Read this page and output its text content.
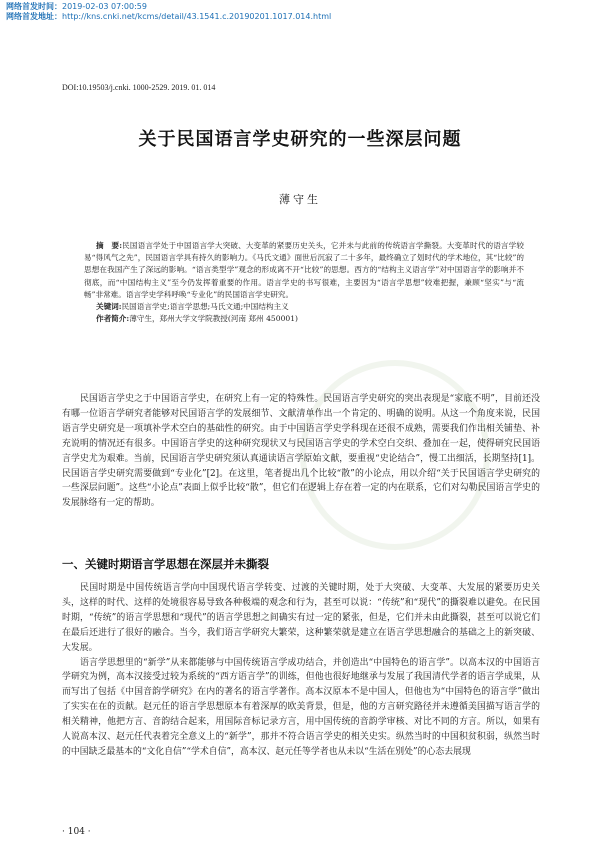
网络首发时间：2019-02-03 07:00:59
网络首发地址：http://kns.cnki.net/kcms/detail/43.1541.c.20190201.1017.014.html
DOI:10.19503/j.cnki. 1000-2529. 2019. 01. 014
关于民国语言学史研究的一些深层问题
薄守生
摘　要:民国语言学处于中国语言学大突破、大变革的紧要历史关头，它并未与此前的传统语言学撕裂。大变革时代的语言学较易“得风气之先”，民国语言学具有持久的影响力。《马氏文通》面世后沉寂了二十多年，最终确立了划时代的学术地位，其“比较”的思想在我国产生了深远的影响。“语言类型学”观念的形成离不开“比较”的思想。西方的“结构主义语言学”对中国语言学的影响并不彻底，而“中国结构主义”至今仍发挥着重要的作用。语言学史的书写很难，主要因为“语言学思想”较难把握，兼顾“坚实”与“流畅”非常难。语言学史学科呼唤“专业化”的民国语言学史研究。
关键词:民国语言学史;语言学思想;马氏文通;中国结构主义
作者简介:薄守生，郑州大学文学院教授(河南 郑州 450001)

民国语言学史之于中国语言学史，在研究上有一定的特殊性。民国语言学史研究的突出表现是“家底不明”，目前还没有哪一位语言学研究者能够对民国语言学的发展细节、文献清单作出一个肯定的、明确的说明。从这一个角度来说，民国语言学史研究是一项填补学术空白的基础性的研究。由于中国语言学史学科现在还很不成熟，需要我们作出相关铺垫、补充说明的情况还有很多。中国语言学史的这种研究现状又与民国语言学史的学术空白交织、叠加在一起，使得研究民国语言学史尤为艰难。当前，民国语言学史研究须认真通读语言学原始文献，要重视“史论结合”，慢工出细活，长期坚持[1]。民国语言学史研究需要做到“专业化”[2]。在这里，笔者提出几个比较“散”的小论点，用以介绍“关于民国语言学史研究的一些深层问题”。这些“小论点”表面上似乎比较“散”，但它们在逻辑上存在着一定的内在联系，它们对勾勒民国语言学史的发展脉络有一定的帮助。

一、关键时期语言学思想在深层并未撕裂

民国时期是中国传统语言学向中国现代语言学转变、过渡的关键时期，处于大突破、大变革、大发展的紧要历史关头，这样的时代、这样的处境很容易导致各种极端的观念和行为，甚至可以说：“传统”和“现代”的撕裂难以避免。在民国时期，“传统”的语言学思想和“现代”的语言学思想之间确实有过一定的紧张，但是，它们并未由此撕裂，甚至可以说它们在最后还进行了很好的融合。当今，我们语言学研究大繁荣，这种繁荣就是建立在语言学思想融合的基础之上的新突破、大发展。

语言学思想里的“新学”从来都能够与中国传统语言学成功结合，并创造出“中国特色的语言学”。以高本汉的中国语言学研究为例，高本汉接受过较为系统的“西方语言学”的训练，但他也很好地继承与发展了我国清代学者的语言学成果，从而写出了包括《中国音韵学研究》在内的著名的语言学著作。高本汉原本不是中国人，但他也为“中国特色的语言学”做出了实实在在的贡献。赵元任的语言学思想原本有着深厚的欧美背景，但是，他的方言研究路径并未遵循美国描写语言学的相关精神，他把方言、音韵结合起来，用国际音标记录方言，用中国传统的音韵学审核、对比不同的方言。所以，如果有人说高本汉、赵元任代表着完全意义上的“新学”，那并不符合语言学史的相关史实。纵然当时的中国积贫积弱，纵然当时的中国缺乏最基本的“文化自信”“学术自信”，高本汉、赵元任等学者也从未以“生活在别处”的心态去展现

· 104 ·
